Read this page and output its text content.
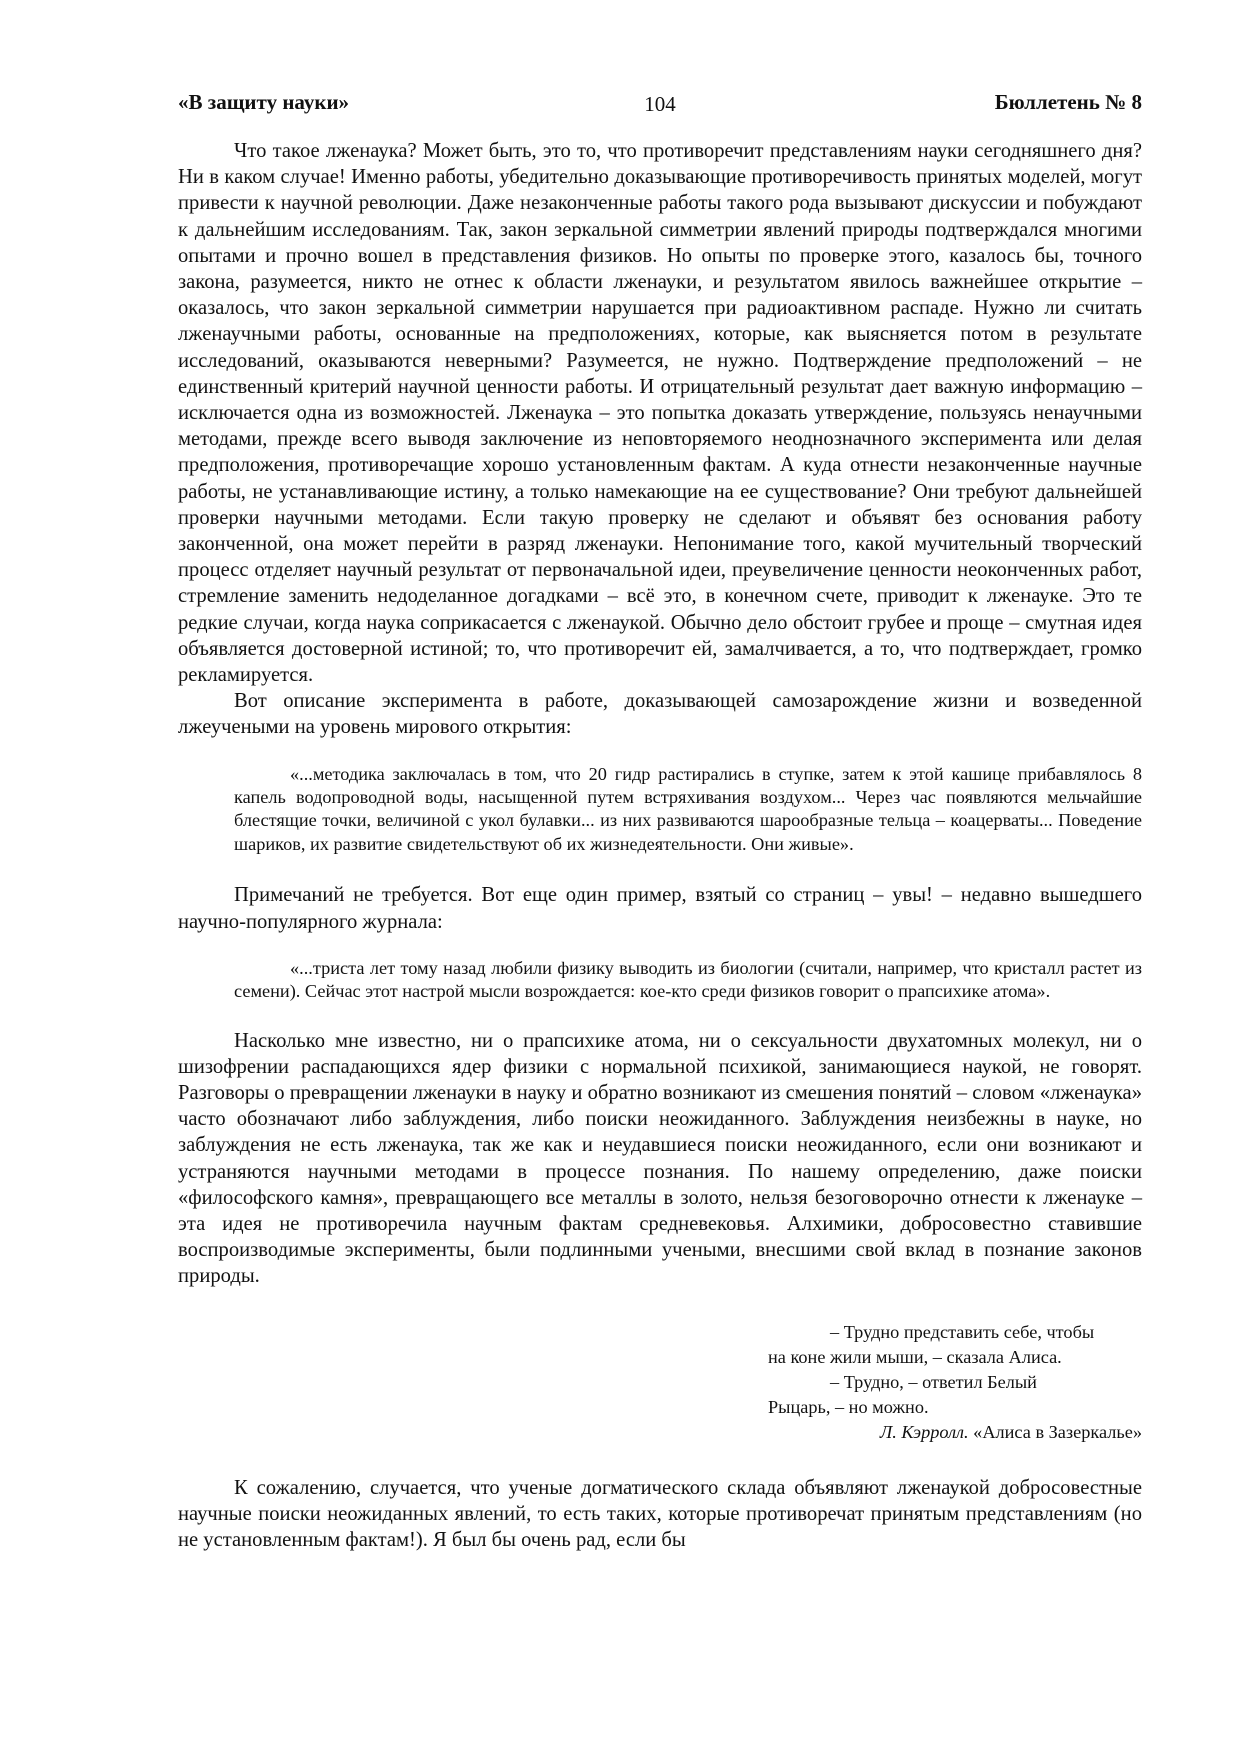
«В защиту науки»	104	Бюллетень № 8

Что такое лженаука? Может быть, это то, что противоречит представлениям науки сегодняшнего дня? Ни в каком случае! Именно работы, убедительно доказывающие противоречивость принятых моделей, могут привести к научной революции. Даже незаконченные работы такого рода вызывают дискуссии и побуждают к дальнейшим исследованиям. Так, закон зеркальной симметрии явлений природы подтверждался многими опытами и прочно вошел в представления физиков. Но опыты по проверке этого, казалось бы, точного закона, разумеется, никто не отнес к области лженауки, и результатом явилось важнейшее открытие – оказалось, что закон зеркальной симметрии нарушается при радиоактивном распаде. Нужно ли считать лженаучными работы, основанные на предположениях, которые, как выясняется потом в результате исследований, оказываются неверными? Разумеется, не нужно. Подтверждение предположений – не единственный критерий научной ценности работы. И отрицательный результат дает важную информацию – исключается одна из возможностей. Лженаука – это попытка доказать утверждение, пользуясь ненаучными методами, прежде всего выводя заключение из неповторяемого неоднозначного эксперимента или делая предположения, противоречащие хорошо установленным фактам. А куда отнести незаконченные научные работы, не устанавливающие истину, а только намекающие на ее существование? Они требуют дальнейшей проверки научными методами. Если такую проверку не сделают и объявят без основания работу законченной, она может перейти в разряд лженауки. Непонимание того, какой мучительный творческий процесс отделяет научный результат от первоначальной идеи, преувеличение ценности неоконченных работ, стремление заменить недоделанное догадками – всё это, в конечном счете, приводит к лженауке. Это те редкие случаи, когда наука соприкасается с лженаукой. Обычно дело обстоит грубее и проще – смутная идея объявляется достоверной истиной; то, что противоречит ей, замалчивается, а то, что подтверждает, громко рекламируется.

Вот описание эксперимента в работе, доказывающей самозарождение жизни и возведенной лжеучеными на уровень мирового открытия:

«...методика заключалась в том, что 20 гидр растирались в ступке, затем к этой кашице прибавлялось 8 капель водопроводной воды, насыщенной путем встряхивания воздухом... Через час появляются мельчайшие блестящие точки, величиной с укол булавки... из них развиваются шарообразные тельца – коацерваты... Поведение шариков, их развитие свидетельствуют об их жизнедеятельности. Они живые».

Примечаний не требуется. Вот еще один пример, взятый со страниц – увы! – недавно вышедшего научно-популярного журнала:

«...триста лет тому назад любили физику выводить из биологии (считали, например, что кристалл растет из семени). Сейчас этот настрой мысли возрождается: кое-кто среди физиков говорит о прапсихике атома».

Насколько мне известно, ни о прапсихике атома, ни о сексуальности двухатомных молекул, ни о шизофрении распадающихся ядер физики с нормальной психикой, занимающиеся наукой, не говорят. Разговоры о превращении лженауки в науку и обратно возникают из смешения понятий – словом «лженаука» часто обозначают либо заблуждения, либо поиски неожиданного. Заблуждения неизбежны в науке, но заблуждения не есть лженаука, так же как и неудавшиеся поиски неожиданного, если они возникают и устраняются научными методами в процессе познания. По нашему определению, даже поиски «философского камня», превращающего все металлы в золото, нельзя безоговорочно отнести к лженауке – эта идея не противоречила научным фактам средневековья. Алхимики, добросовестно ставившие воспроизводимые эксперименты, были подлинными учеными, внесшими свой вклад в познание законов природы.

– Трудно представить себе, чтобы
на коне жили мыши, – сказала Алиса.
– Трудно, – ответил Белый
Рыцарь, – но можно.
Л. Кэрролл. «Алиса в Зазеркалье»

К сожалению, случается, что ученые догматического склада объявляют лженаукой добросовестные научные поиски неожиданных явлений, то есть таких, которые противоречат принятым представлениям (но не установленным фактам!). Я был бы очень рад, если бы
